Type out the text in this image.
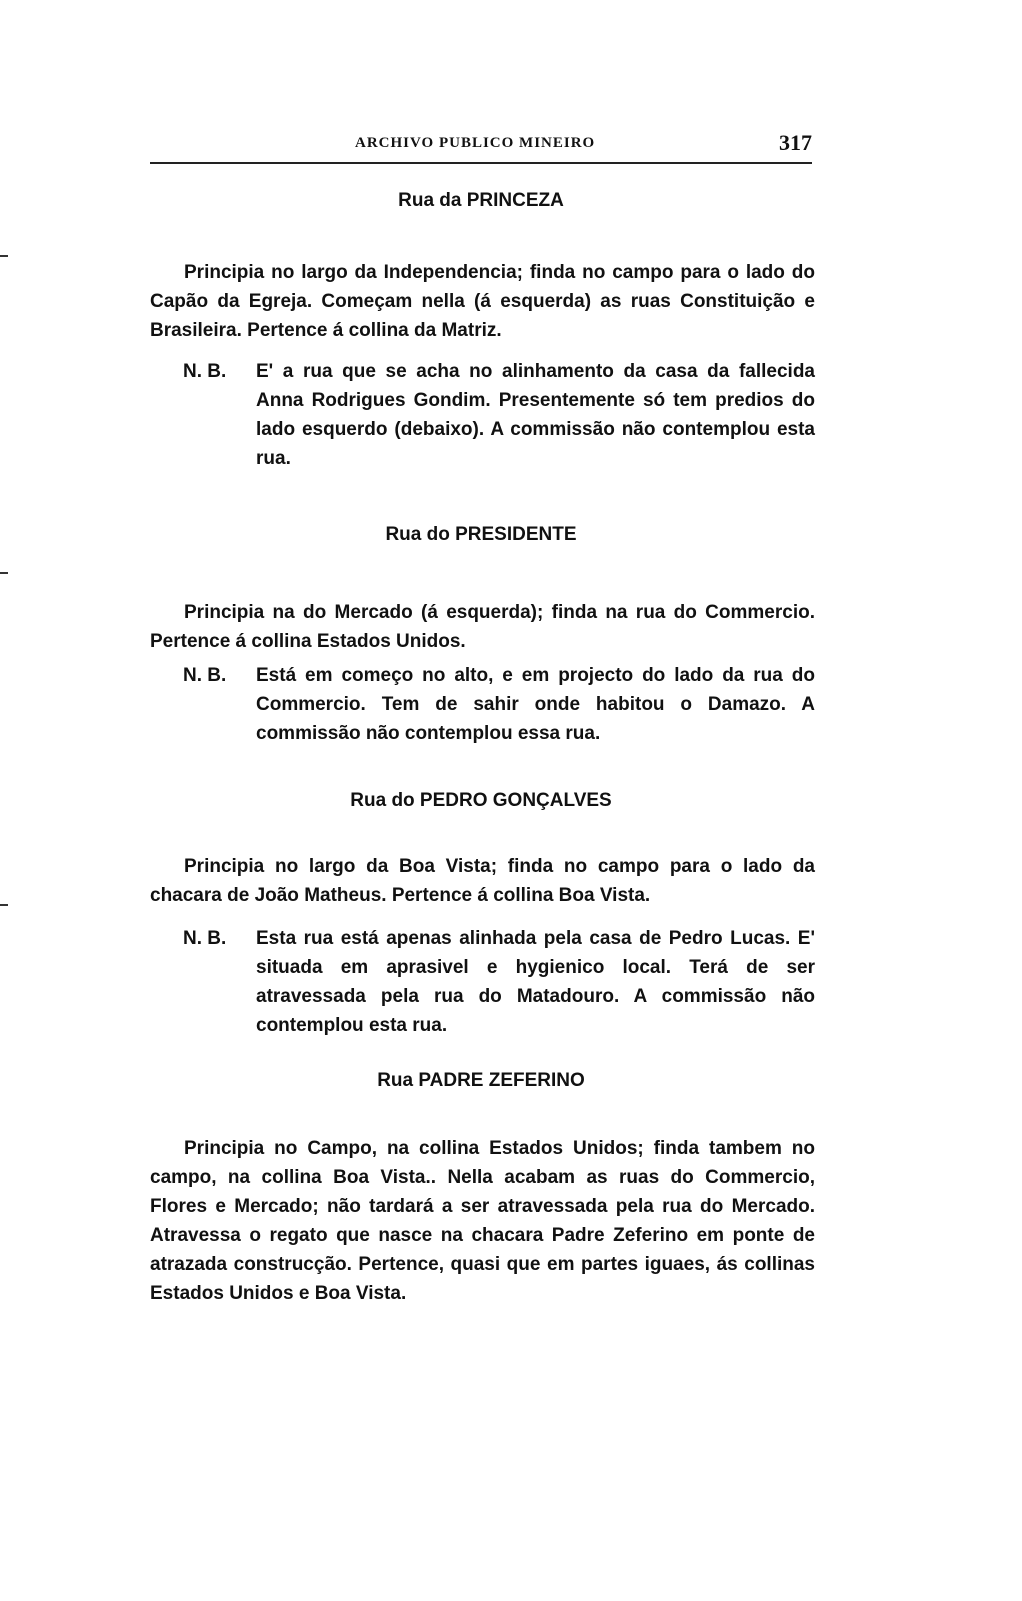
ARCHIVO PUBLICO MINEIRO	317
Rua da PRINCEZA

Principia no largo da Independencia; finda no campo para o lado do Capão da Egreja. Começam nella (á esquerda) as ruas Constituição e Brasileira. Pertence á collina da Matriz.

N. B. E' a rua que se acha no alinhamento da casa da fallecida Anna Rodrigues Gondim. Presentemente só tem predios do lado esquerdo (debaixo). A commissão não contemplou esta rua.
Rua do PRESIDENTE

Principia na do Mercado (á esquerda); finda na rua do Commercio. Pertence á collina Estados Unidos.

N. B. Está em começo no alto, e em projecto do lado da rua do Commercio. Tem de sahir onde habitou o Damazo. A commissão não contemplou essa rua.
Rua do PEDRO GONÇALVES

Principia no largo da Boa Vista; finda no campo para o lado da chacara de João Matheus. Pertence á collina Boa Vista.

N. B. Esta rua está apenas alinhada pela casa de Pedro Lucas. E' situada em aprasivel e hygienico local. Terá de ser atravessada pela rua do Matadouro. A commissão não contemplou esta rua.
Rua PADRE ZEFERINO

Principia no Campo, na collina Estados Unidos; finda tambem no campo, na collina Boa Vista.. Nella acabam as ruas do Commercio, Flores e Mercado; não tardará a ser atravessada pela rua do Mercado. Atravessa o regato que nasce na chacara Padre Zeferino em ponte de atrazada construcção. Pertence, quasi que em partes iguaes, ás collinas Estados Unidos e Boa Vista.
